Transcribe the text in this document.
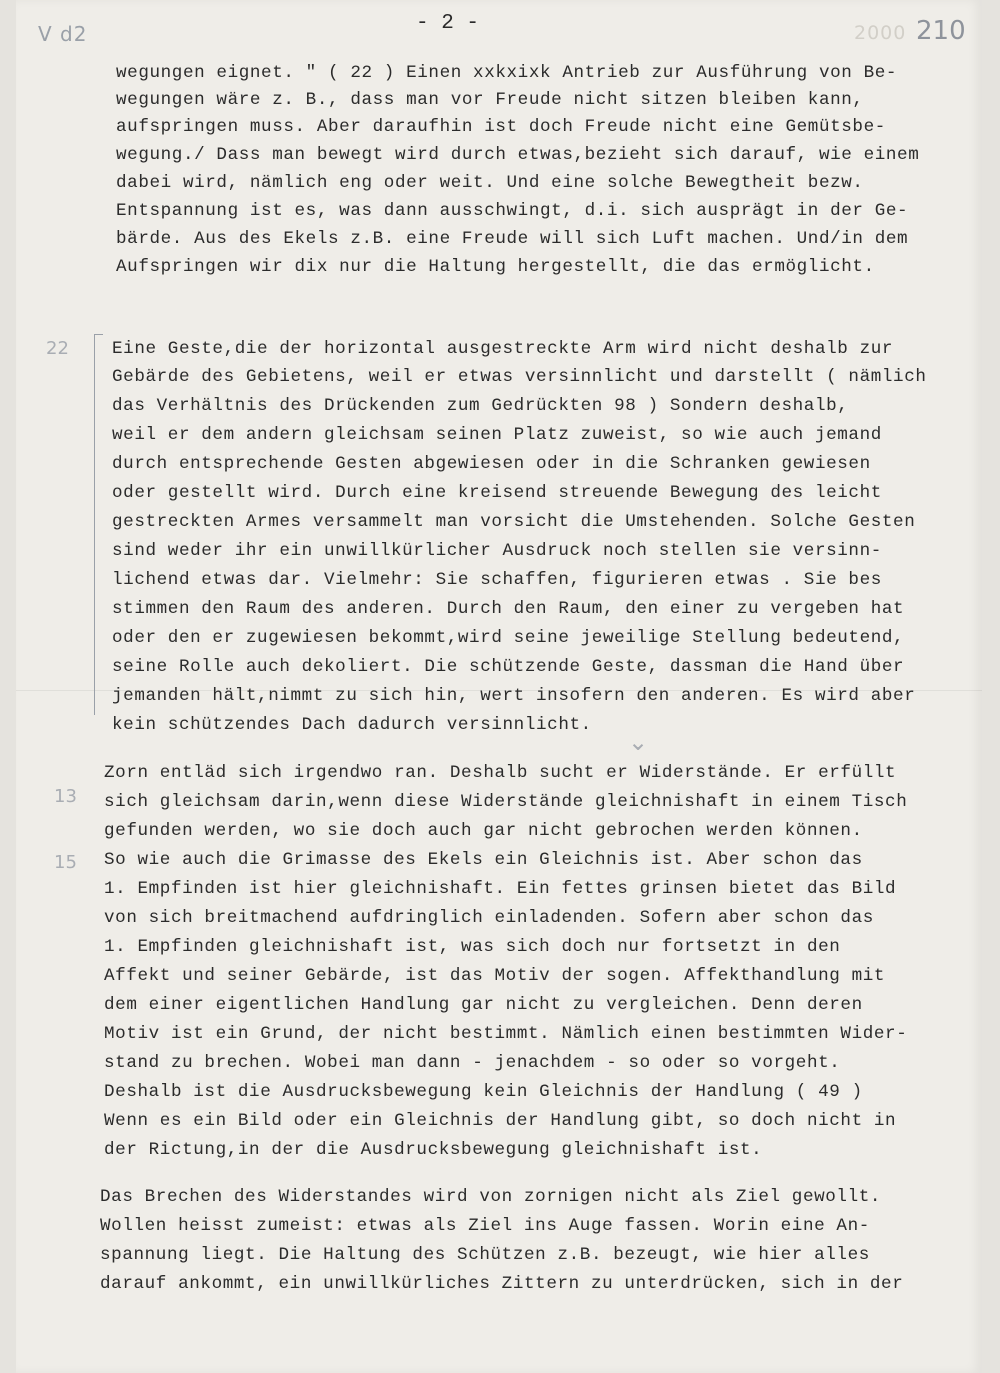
V d2	- 2 -	2000 210
wegungen eignet. " ( 22 ) Einen xxkxixk Antrieb zur Ausführung von Be-
wegungen wäre z. B., dass man vor Freude nicht sitzen bleiben kann,
aufspringen muss. Aber daraufhin ist doch Freude nicht eine Gemütsbe-
wegung./ Dass man bewegt wird durch etwas,bezieht sich darauf, wie einem
dabei wird, nämlich eng oder weit. Und eine solche Bewegtheit bezw.
Entspannung ist es, was dann ausschwingt, d.i. sich ausprägt in der Ge-
bärde. Aus des Ekels z.B. eine Freude will sich Luft machen. Und/in dem
Aufspringen wir dix nur die Haltung hergestellt, die das ermöglicht.
22 Eine Geste,die der horizontal ausgestreckte Arm wird nicht deshalb zur
Gebärde des Gebietens, weil er etwas versinnlicht und darstellt ( nämlich
das Verhältnis des Drückenden zum Gedrückten 98 ) Sondern deshalb,
weil er dem andern gleichsam seinen Platz zuweist, so wie auch jemand
durch entsprechende Gesten abgewiesen oder in die Schranken gewiesen
oder gestellt wird. Durch eine kreisend streuende Bewegung des leicht
gestreckten Armes versammelt man vorsicht die Umstehenden. Solche Gesten
sind weder ihr ein unwillkürlicher Ausdruck noch stellen sie versinn-
lichend etwas dar. Vielmehr: Sie schaffen, figurieren etwas . Sie bes
stimmen den Raum des anderen. Durch den Raum, den einer zu vergeben hat
oder den er zugewiesen bekommt,wird seine jeweilige Stellung bedeutend,
seine Rolle auch dekoliert. Die schützende Geste, dassman die Hand über
jemanden hält,nimmt zu sich hin, wert insofern den anderen. Es wird aber
kein schützendes Dach dadurch versinnlicht.
⌄
13
15
Zorn entläd sich irgendwo ran. Deshalb sucht er Widerstände. Er erfüllt
sich gleichsam darin,wenn diese Widerstände gleichnishaft in einem Tisch
gefunden werden, wo sie doch auch gar nicht gebrochen werden können.
So wie auch die Grimasse des Ekels ein Gleichnis ist. Aber schon das
1. Empfinden ist hier gleichnishaft. Ein fettes grinsen bietet das Bild
von sich breitmachend aufdringlich einladenden. Sofern aber schon das
1. Empfinden gleichnishaft ist, was sich doch nur fortsetzt in den
Affekt und seiner Gebärde, ist das Motiv der sogen. Affekthandlung mit
dem einer eigentlichen Handlung gar nicht zu vergleichen. Denn deren
Motiv ist ein Grund, der nicht bestimmt. Nämlich einen bestimmten Wider-
stand zu brechen. Wobei man dann - jenachdem - so oder so vorgeht.
Deshalb ist die Ausdrucksbewegung kein Gleichnis der Handlung ( 49 )
Wenn es ein Bild oder ein Gleichnis der Handlung gibt, so doch nicht in
der Rictung,in der die Ausdrucksbewegung gleichnishaft ist.
Das Brechen des Widerstandes wird von zornigen nicht als Ziel gewollt.
Wollen heisst zumeist: etwas als Ziel ins Auge fassen. Worin eine An-
spannung liegt. Die Haltung des Schützen z.B. bezeugt, wie hier alles
darauf ankommt, ein unwillkürliches Zittern zu unterdrücken, sich in der
